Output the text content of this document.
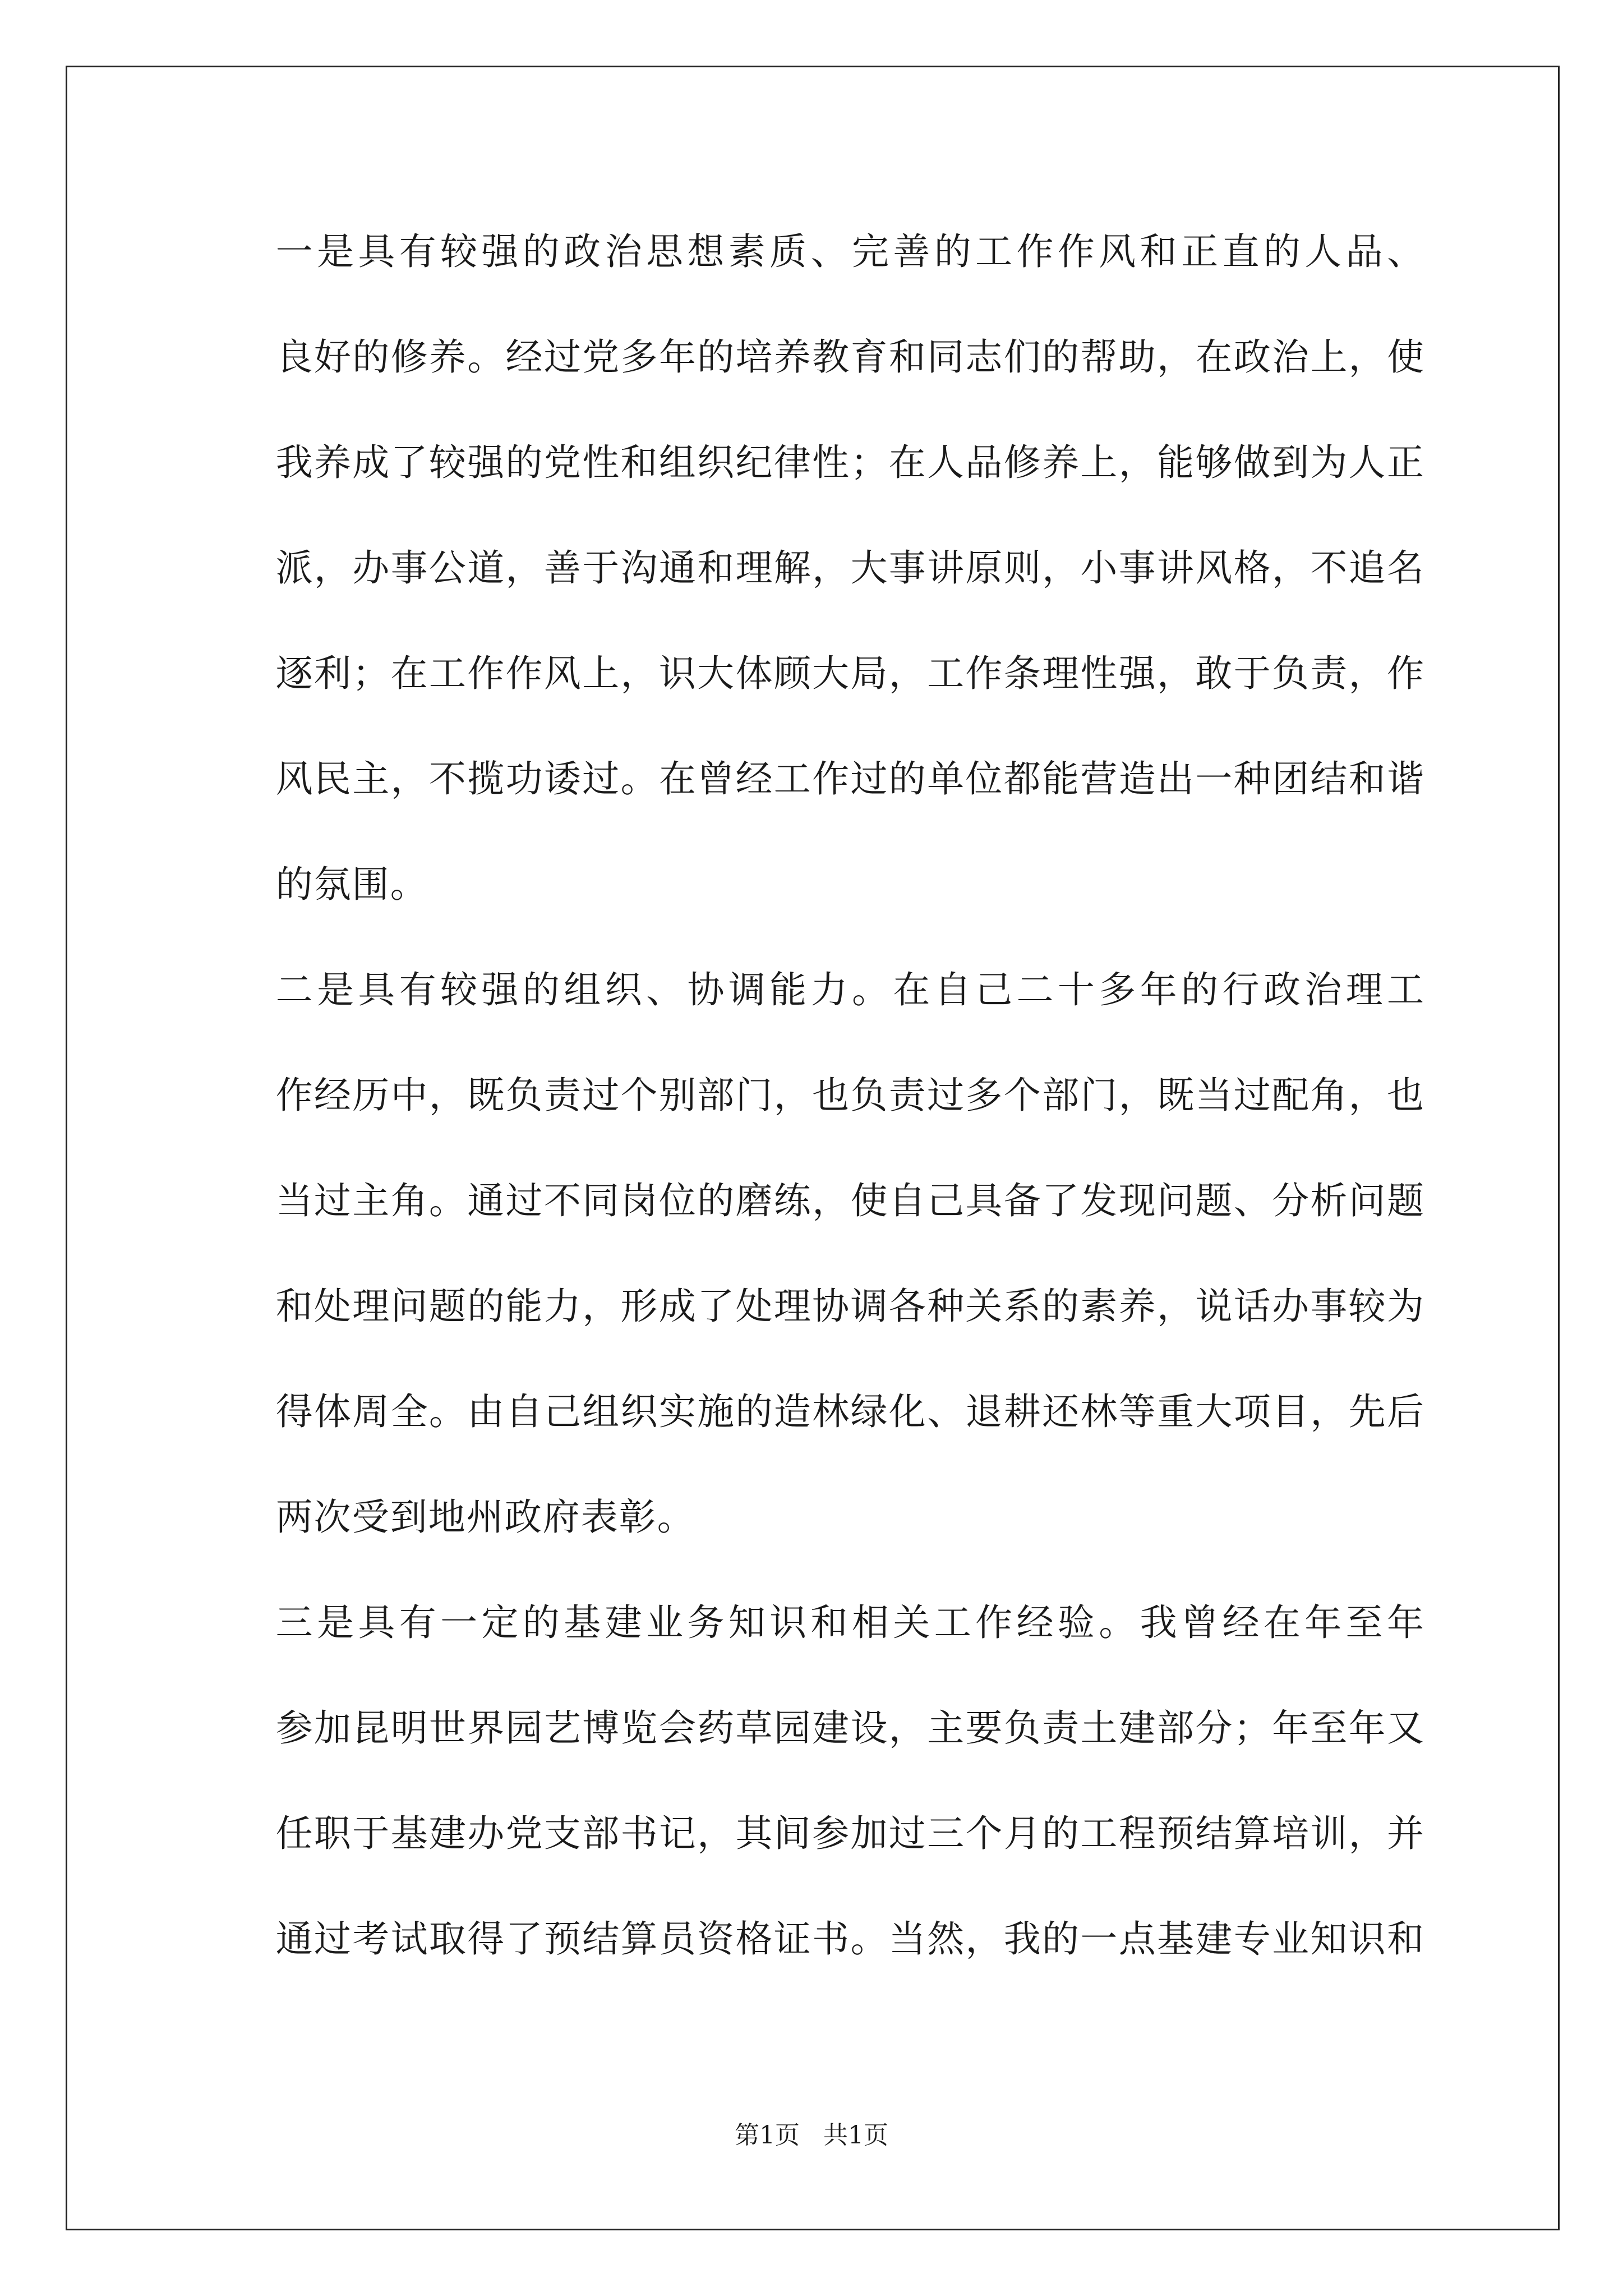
一是具有较强的政治思想素质、完善的工作作风和正直的人品、
良好的修养。经过党多年的培养教育和同志们的帮助，在政治上，使
我养成了较强的党性和组织纪律性；在人品修养上，能够做到为人正
派，办事公道，善于沟通和理解，大事讲原则，小事讲风格，不追名
逐利；在工作作风上，识大体顾大局，工作条理性强，敢于负责，作
风民主，不揽功诿过。在曾经工作过的单位都能营造出一种团结和谐
的氛围。

二是具有较强的组织、协调能力。在自己二十多年的行政治理工
作经历中，既负责过个别部门，也负责过多个部门，既当过配角，也
当过主角。通过不同岗位的磨练，使自己具备了发现问题、分析问题
和处理问题的能力，形成了处理协调各种关系的素养，说话办事较为
得体周全。由自己组织实施的造林绿化、退耕还林等重大项目，先后
两次受到地州政府表彰。

三是具有一定的基建业务知识和相关工作经验。我曾经在年至年
参加昆明世界园艺博览会药草园建设，主要负责土建部分；年至年又
任职于基建办党支部书记，其间参加过三个月的工程预结算培训，并
通过考试取得了预结算员资格证书。当然，我的一点基建专业知识和

第1页   共1页
